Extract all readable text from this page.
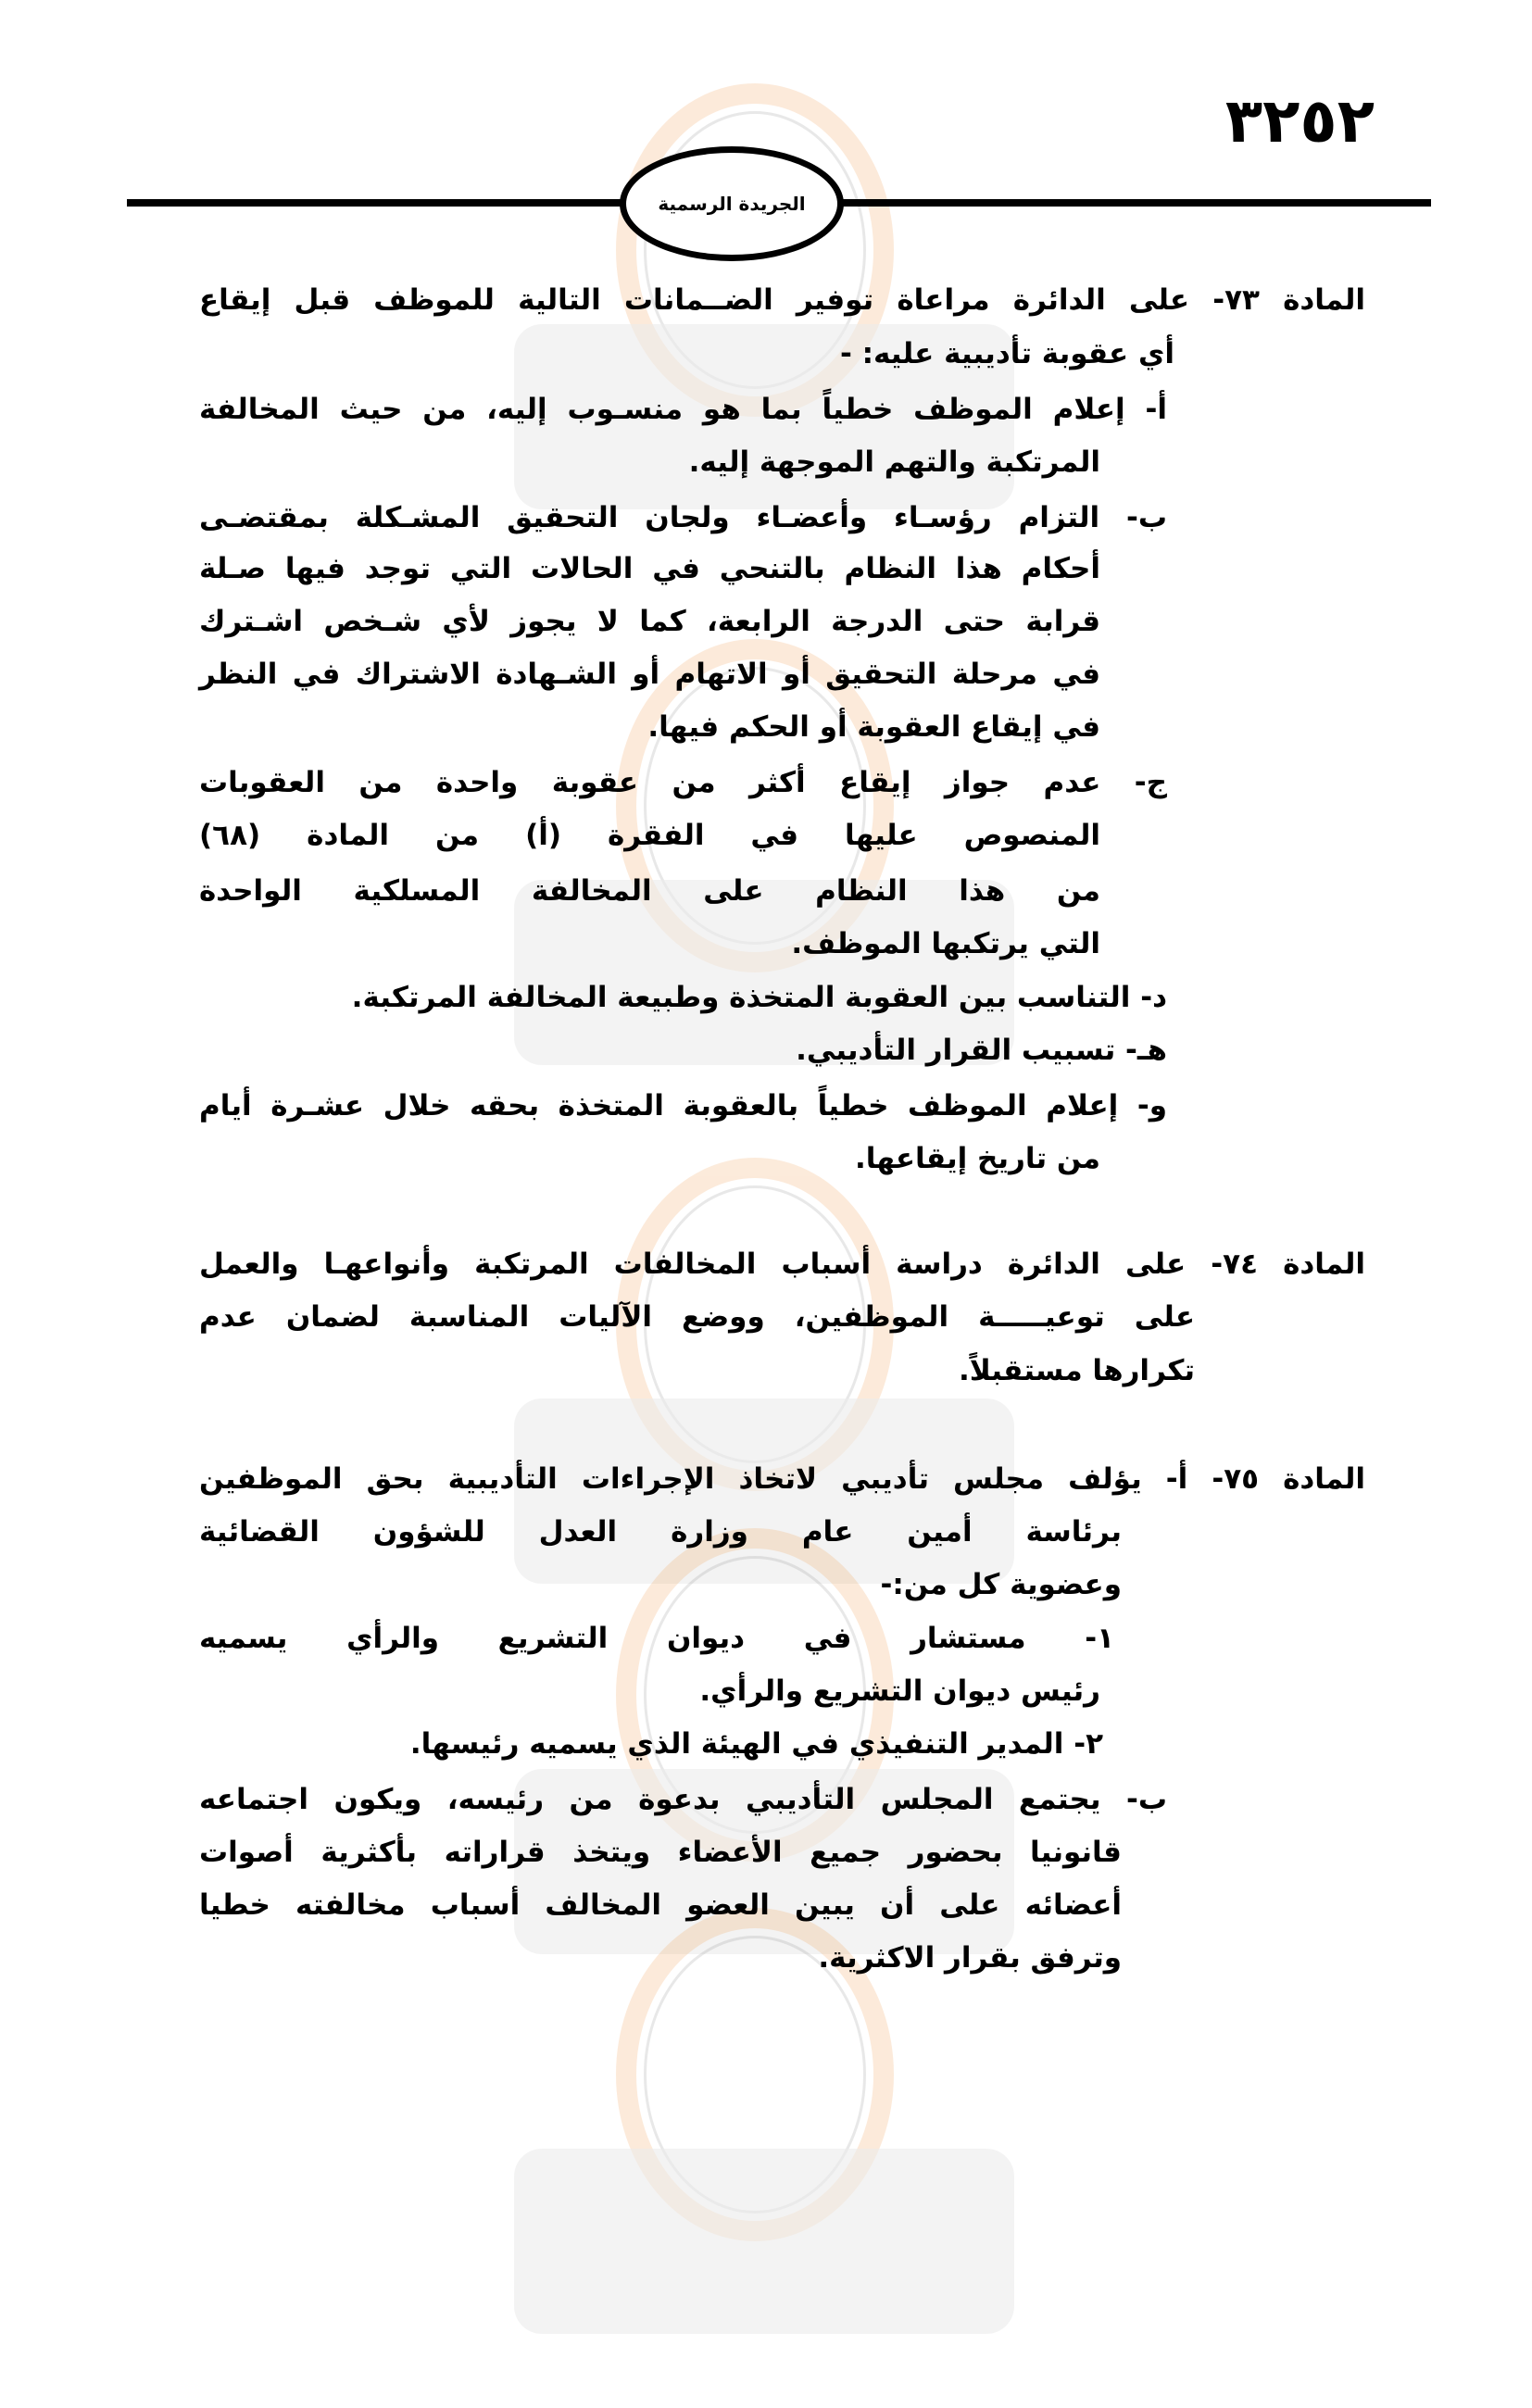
٣٢٥٢
الجريدة الرسمية
المادة ٧٣- على الدائرة مراعاة توفير الضــمانات التالية للموظف قبل إيقاع
أي عقوبة تأديبية عليه: -
أ- إعلام الموظف خطياً بما هو منسـوب إليه، من حيث المخالفة
المرتكبة والتهم الموجهة إليه.
ب- التزام رؤسـاء وأعضـاء ولجان التحقيق المشـكلة بمقتضـى
أحكام هذا النظام بالتنحي في الحالات التي توجد فيها صـلة
قرابة حتى الدرجة الرابعة، كما لا يجوز لأي شـخص اشـترك
في مرحلة التحقيق أو الاتهام أو الشـهادة الاشتراك في النظر
في إيقاع العقوبة أو الحكم فيها.
ج- عدم جواز إيقاع أكثر من عقوبة واحدة من العقوبات
المنصوص عليها في الفقرة (أ) من المادة (٦٨)
من هذا النظام على المخالفة المسلكية الواحدة
التي يرتكبها الموظف.
د- التناسب بين العقوبة المتخذة وطبيعة المخالفة المرتكبة.
هـ- تسبيب القرار التأديبي.
و- إعلام الموظف خطياً بالعقوبة المتخذة بحقه خلال عشـرة أيام
من تاريخ إيقاعها.
المادة ٧٤- على الدائرة دراسة أسباب المخالفات المرتكبة وأنواعهـا والعمل
على توعيـــــة الموظفين، ووضع الآليات المناسبة لضمان عدم
تكرارها مستقبلاً.
المادة ٧٥- أ- يؤلف مجلس تأديبي لاتخاذ الإجراءات التأديبية بحق الموظفين
برئاسة أمين عام وزارة العدل للشؤون القضائية
وعضوية كل من:-
١- مستشار في ديوان التشريع والرأي يسميه
رئيس ديوان التشريع والرأي.
٢- المدير التنفيذي في الهيئة الذي يسميه رئيسها.
ب- يجتمع المجلس التأديبي بدعوة من رئيسه، ويكون اجتماعه
قانونيا بحضور جميع الأعضاء ويتخذ قراراته بأكثرية أصوات
أعضائه على أن يبين العضو المخالف أسباب مخالفته خطيا
وترفق بقرار الاكثرية.
